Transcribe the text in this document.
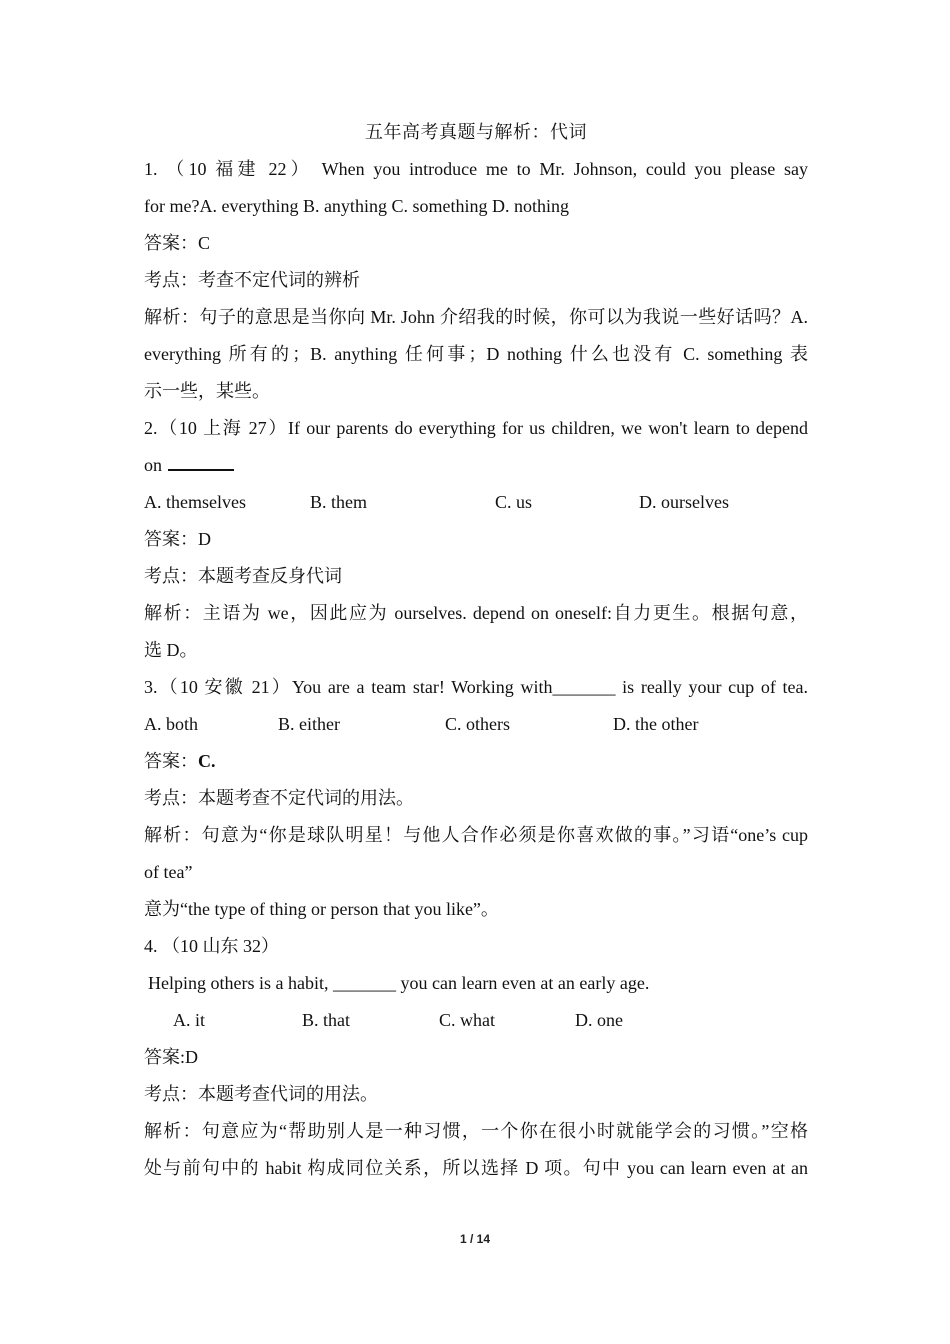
五年高考真题与解析：代词
1. （10 福建 22） When you introduce me to Mr. Johnson, could you please say
for me?A. everything B. anything C. something D. nothing
答案：C
考点：考查不定代词的辨析
解析：句子的意思是当你向 Mr. John 介绍我的时候，你可以为我说一些好话吗？A.
everything 所有的；B. anything 任何事；D nothing 什么也没有 C. something 表
示一些，某些。
2.（10 上海 27）If our parents do everything for us children, we won't learn to depend
on
A. themselves	B. them	C. us	D. ourselves
答案：D
考点：本题考查反身代词
解析：主语为 we，因此应为 ourselves. depend on oneself:自力更生。根据句意，
选 D。
3.（10 安徽 21）You are a team star! Working with_______ is really your cup of tea.
A. both	B. either	C. others	D. the other
答案：C.
考点：本题考查不定代词的用法。
解析：句意为“你是球队明星！与他人合作必须是你喜欢做的事。”习语“one’s cup
of tea”
意为“the type of thing or person that you like”。
4. （10 山东 32）
Helping others is a habit, _______ you can learn even at an early age.
A. it	B. that	C. what	D. one
答案:D
考点：本题考查代词的用法。
解析：句意应为“帮助别人是一种习惯，一个你在很小时就能学会的习惯。”空格
处与前句中的 habit 构成同位关系，所以选择 D 项。句中 you can learn even at an
1 / 14
